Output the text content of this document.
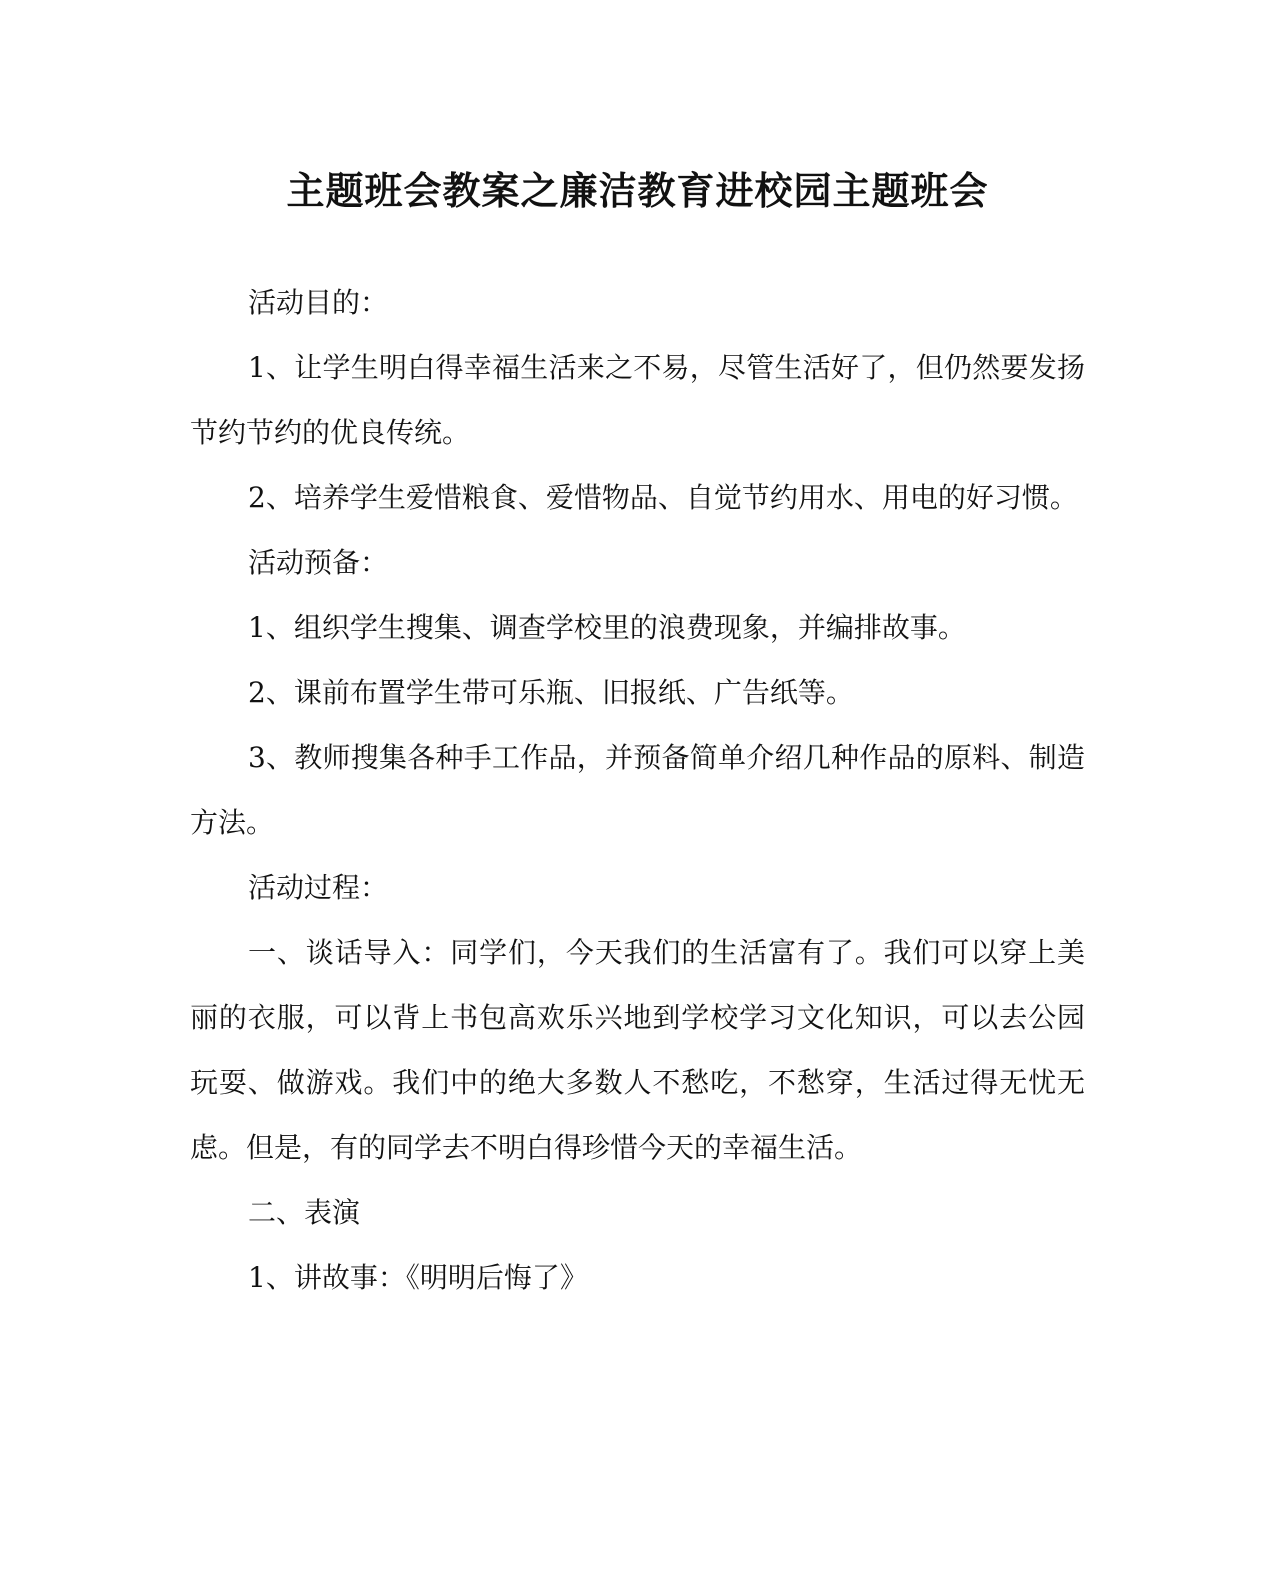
主题班会教案之廉洁教育进校园主题班会

活动目的：

1、让学生明白得幸福生活来之不易，尽管生活好了，但仍然要发扬节约节约的优良传统。

2、培养学生爱惜粮食、爱惜物品、自觉节约用水、用电的好习惯。

活动预备：

1、组织学生搜集、调查学校里的浪费现象，并编排故事。

2、课前布置学生带可乐瓶、旧报纸、广告纸等。

3、教师搜集各种手工作品，并预备简单介绍几种作品的原料、制造方法。

活动过程：

一、谈话导入：同学们，今天我们的生活富有了。我们可以穿上美丽的衣服，可以背上书包高欢乐兴地到学校学习文化知识，可以去公园玩耍、做游戏。我们中的绝大多数人不愁吃，不愁穿，生活过得无忧无虑。但是，有的同学去不明白得珍惜今天的幸福生活。

二、表演

1、讲故事：《明明后悔了》
